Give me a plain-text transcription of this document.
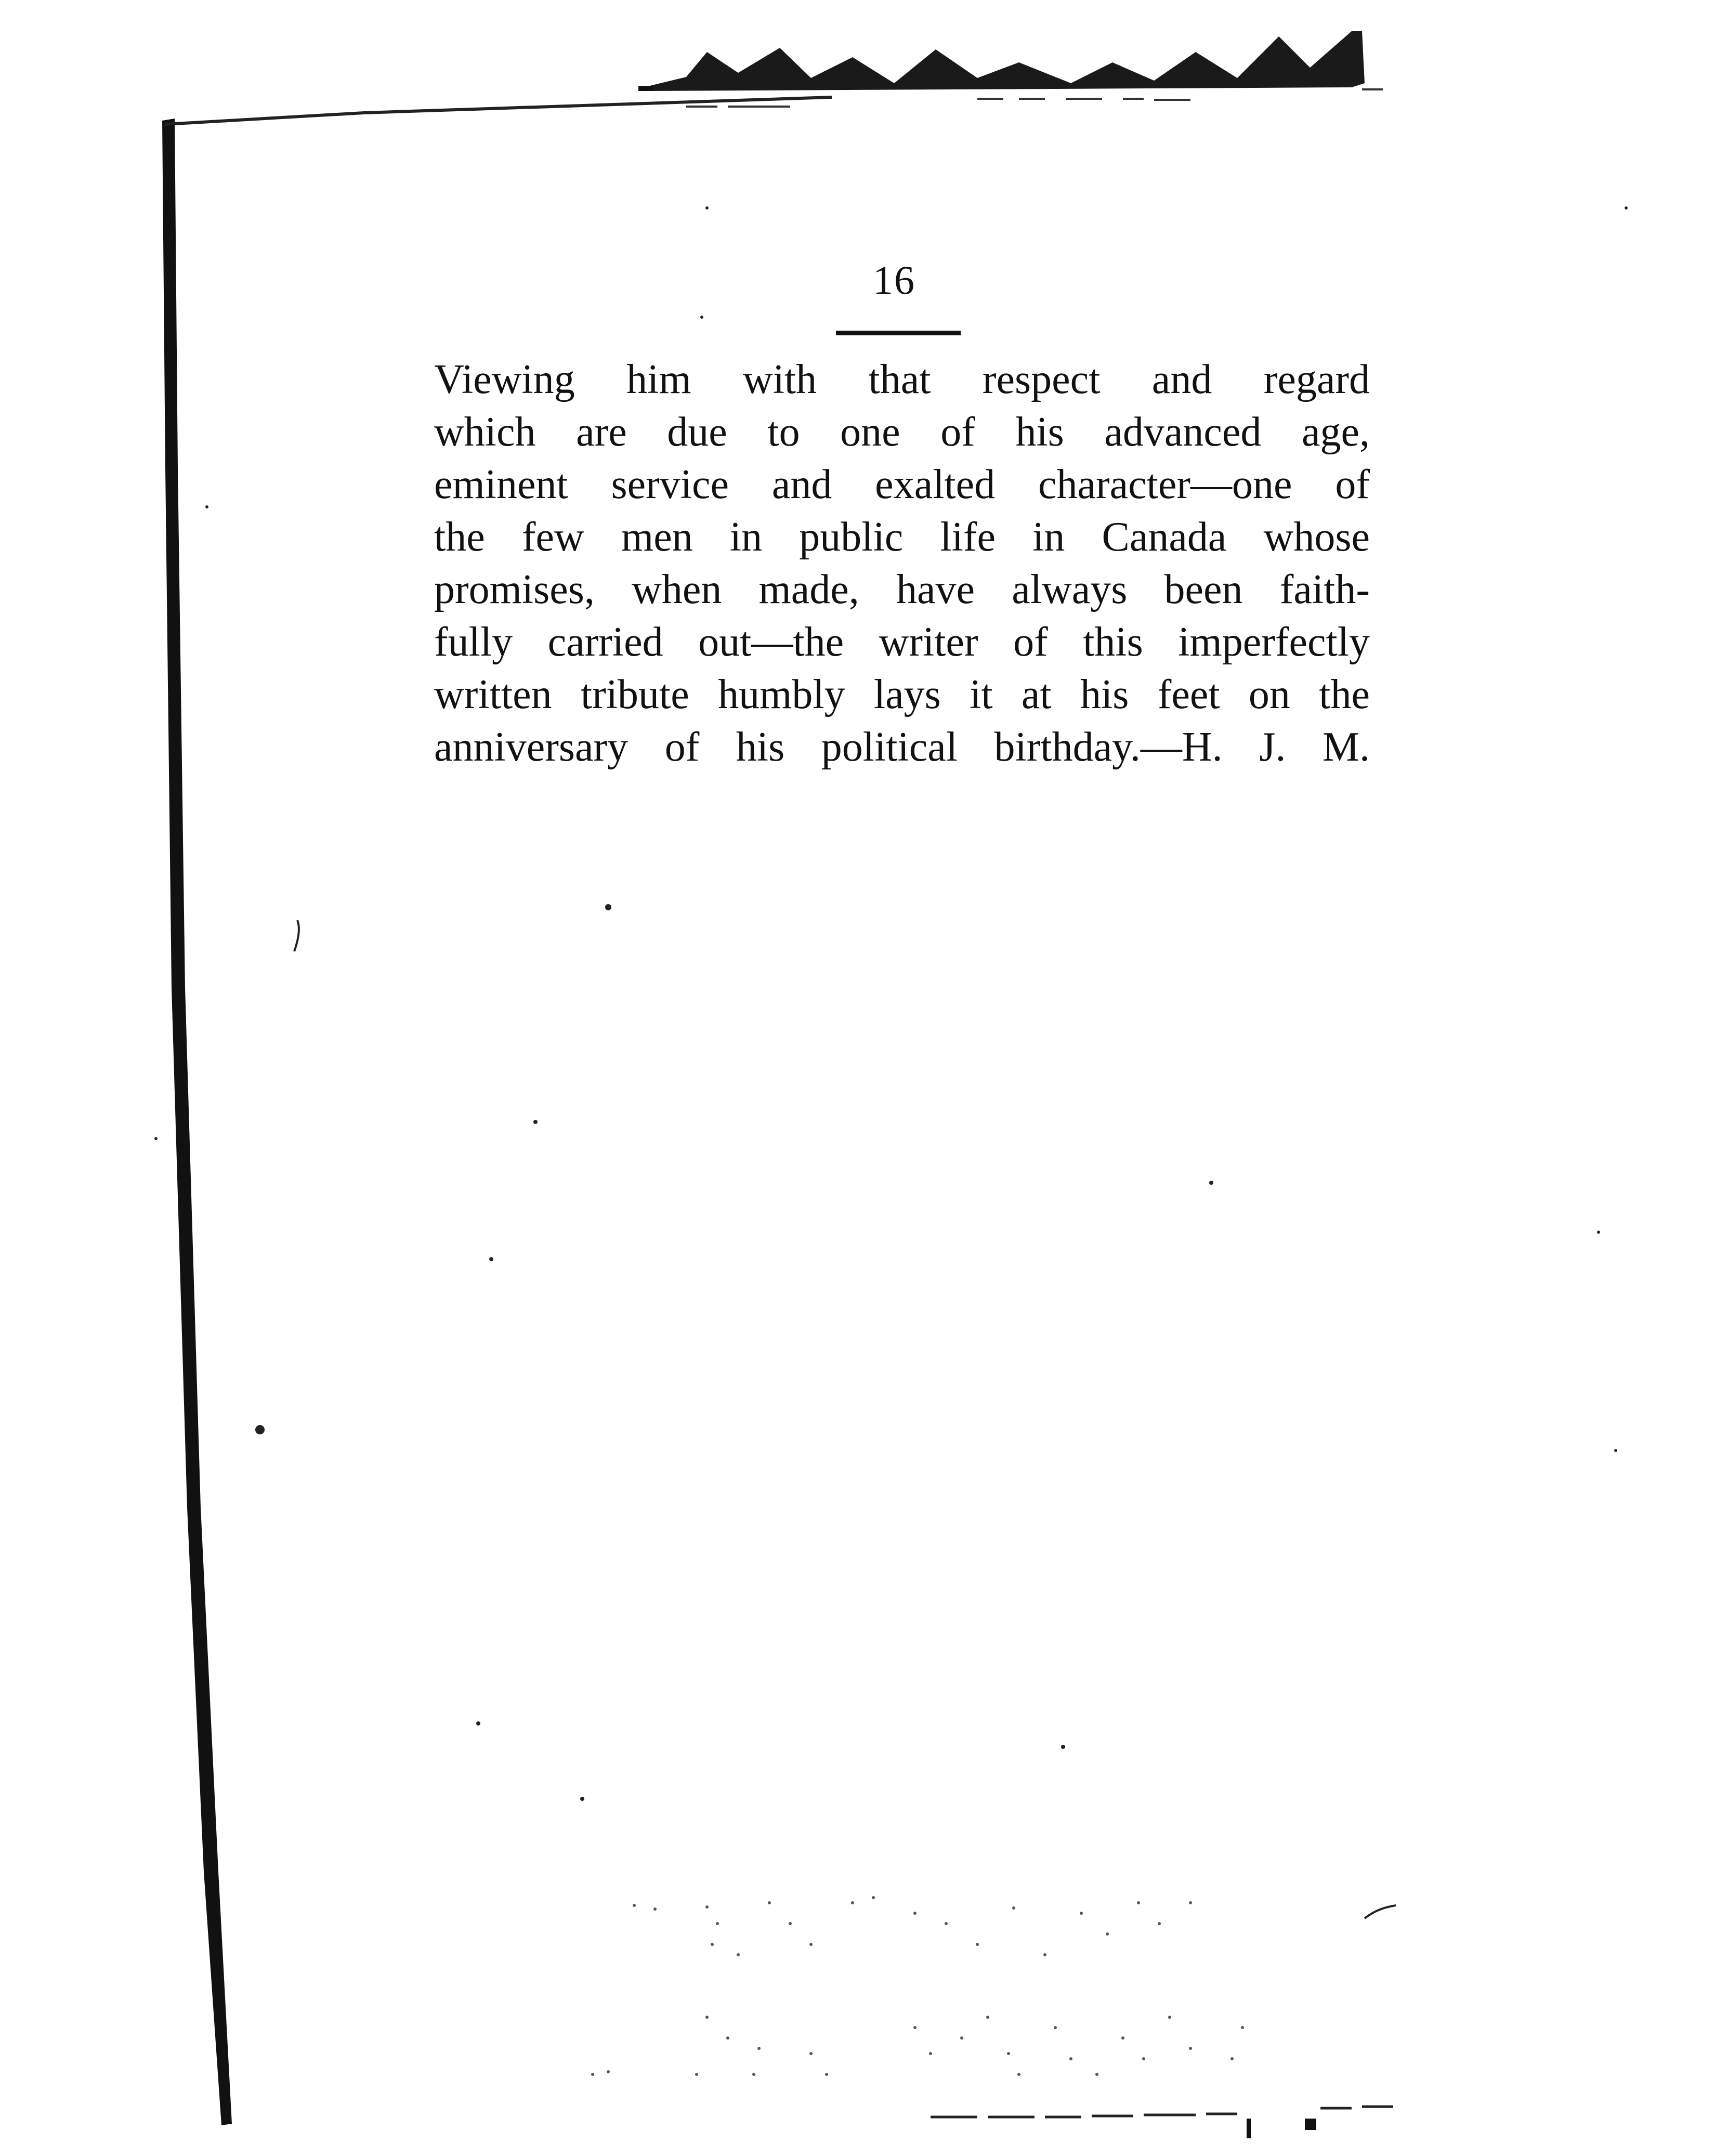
16
Viewing him with that respect and regard
which are due to one of his advanced age,
eminent service and exalted character—one of
the few men in public life in Canada whose
promises, when made, have always been faith-
fully carried out—the writer of this imperfectly
written tribute humbly lays it at his feet on the
anniversary of his political birthday.—H. J. M.
